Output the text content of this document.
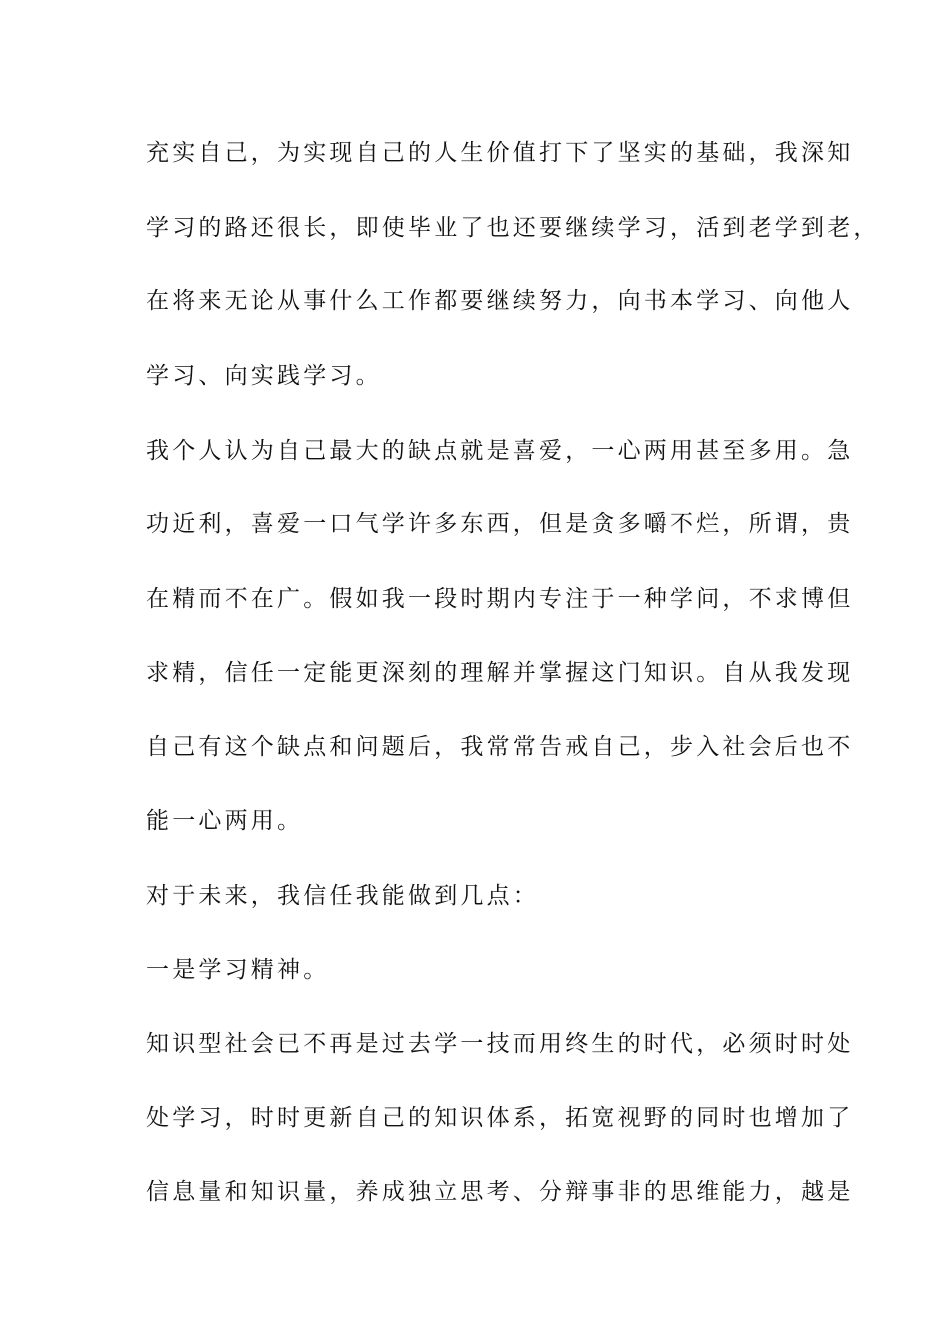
充实自己，为实现自己的人生价值打下了坚实的基础，我深知
学习的路还很长，即使毕业了也还要继续学习，活到老学到老，
在将来无论从事什么工作都要继续努力，向书本学习、向他人
学习、向实践学习。
我个人认为自己最大的缺点就是喜爱，一心两用甚至多用。急
功近利，喜爱一口气学许多东西，但是贪多嚼不烂，所谓，贵
在精而不在广。假如我一段时期内专注于一种学问，不求博但
求精，信任一定能更深刻的理解并掌握这门知识。自从我发现
自己有这个缺点和问题后，我常常告戒自己，步入社会后也不
能一心两用。
对于未来，我信任我能做到几点：
一是学习精神。
知识型社会已不再是过去学一技而用终生的时代，必须时时处
处学习，时时更新自己的知识体系，拓宽视野的同时也增加了
信息量和知识量，养成独立思考、分辩事非的思维能力，越是
